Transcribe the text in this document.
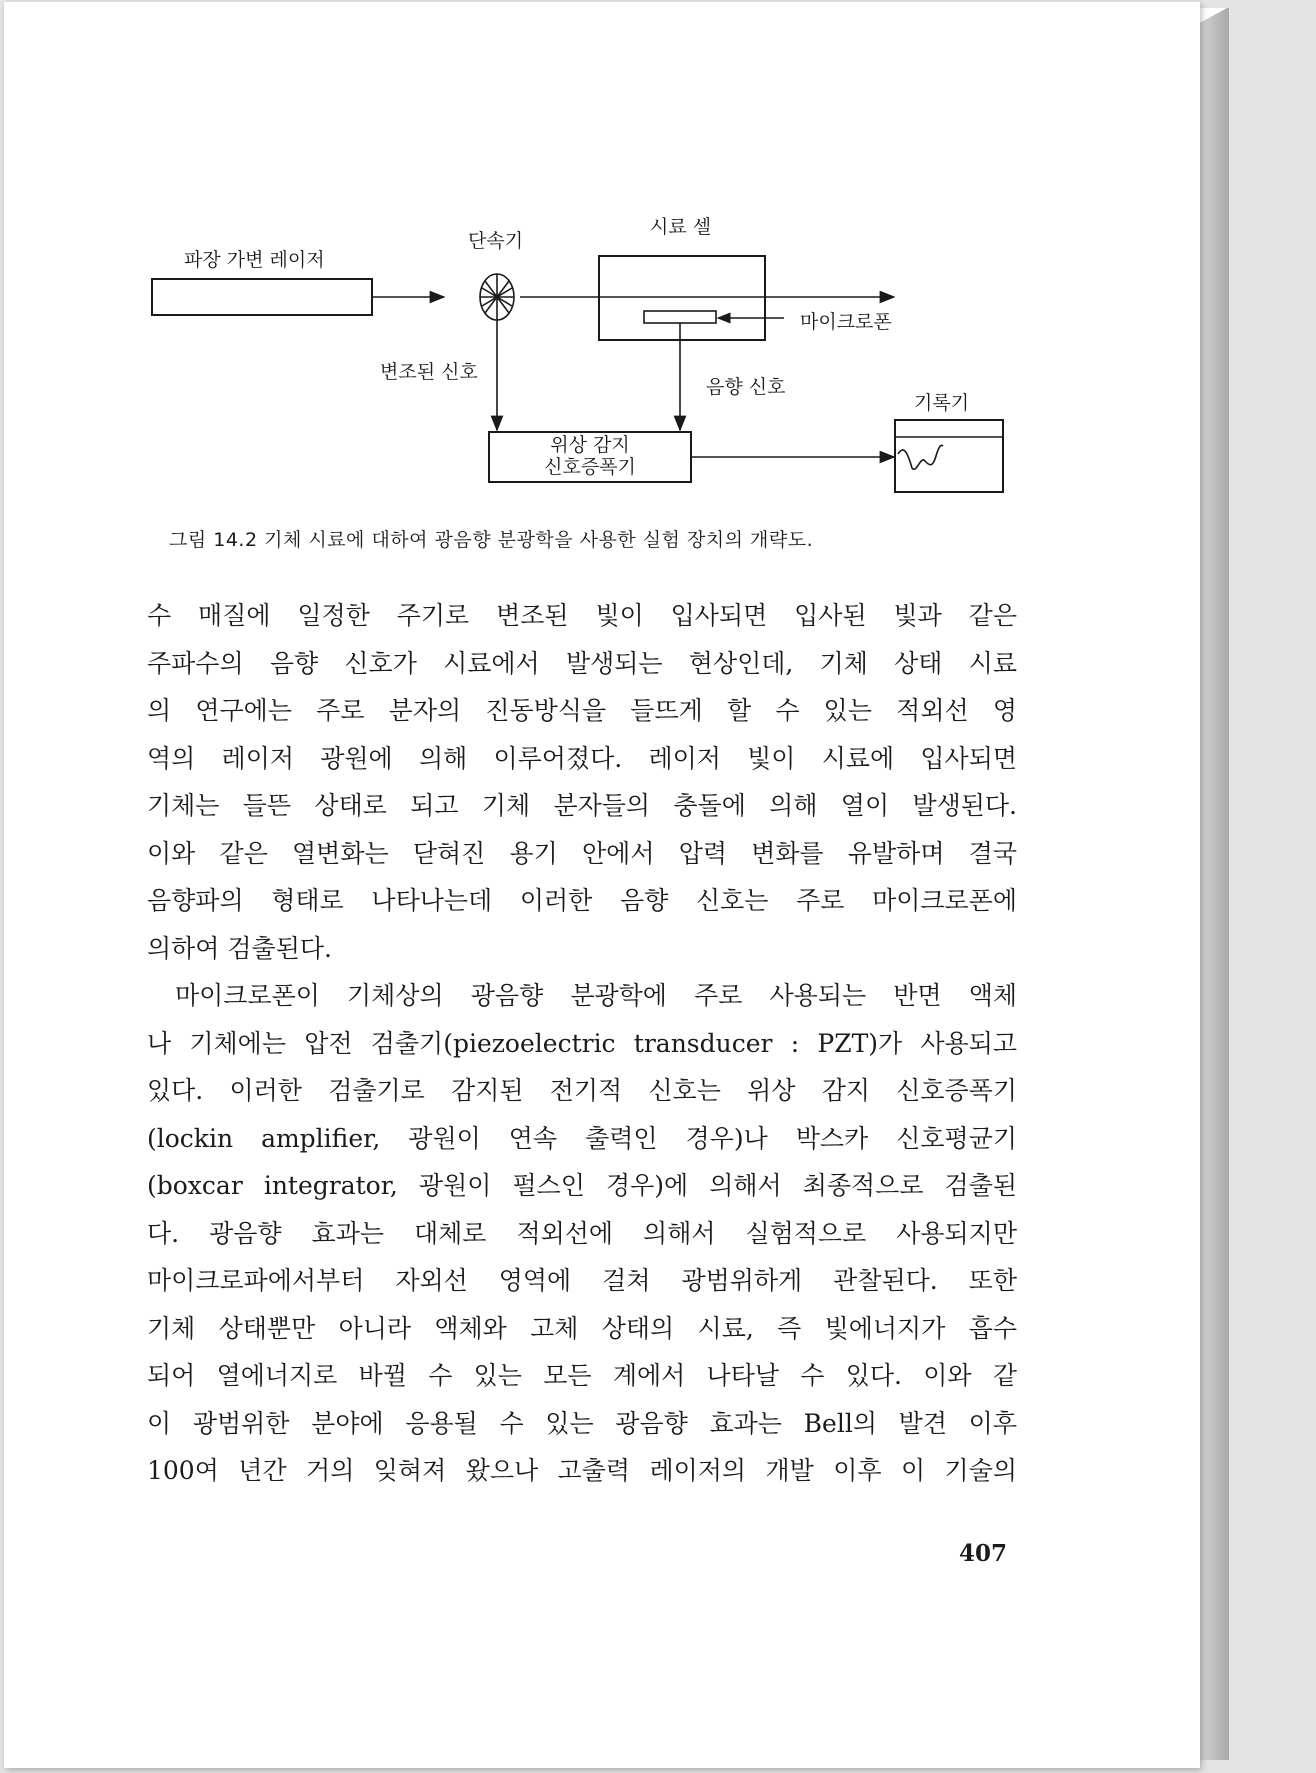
파장 가변 레이저
단속기
시료 셀
마이크로폰
변조된 신호
음향 신호
기록기
위상 감지
신호증폭기
그림 14.2 기체 시료에 대하여 광음향 분광학을 사용한 실험 장치의 개략도.

수 매질에 일정한 주기로 변조된 빛이 입사되면 입사된 빛과 같은
주파수의 음향 신호가 시료에서 발생되는 현상인데, 기체 상태 시료
의 연구에는 주로 분자의 진동방식을 들뜨게 할 수 있는 적외선 영
역의 레이저 광원에 의해 이루어졌다. 레이저 빛이 시료에 입사되면
기체는 들뜬 상태로 되고 기체 분자들의 충돌에 의해 열이 발생된다.
이와 같은 열변화는 닫혀진 용기 안에서 압력 변화를 유발하며 결국
음향파의 형태로 나타나는데 이러한 음향 신호는 주로 마이크로폰에
의하여 검출된다.

마이크로폰이 기체상의 광음향 분광학에 주로 사용되는 반면 액체
나 기체에는 압전 검출기(piezoelectric transducer : PZT)가 사용되고
있다. 이러한 검출기로 감지된 전기적 신호는 위상 감지 신호증폭기
(lockin amplifier, 광원이 연속 출력인 경우)나 박스카 신호평균기
(boxcar integrator, 광원이 펄스인 경우)에 의해서 최종적으로 검출된
다. 광음향 효과는 대체로 적외선에 의해서 실험적으로 사용되지만
마이크로파에서부터 자외선 영역에 걸쳐 광범위하게 관찰된다. 또한
기체 상태뿐만 아니라 액체와 고체 상태의 시료, 즉 빛에너지가 흡수
되어 열에너지로 바뀔 수 있는 모든 계에서 나타날 수 있다. 이와 같
이 광범위한 분야에 응용될 수 있는 광음향 효과는 Bell의 발견 이후
100여 년간 거의 잊혀져 왔으나 고출력 레이저의 개발 이후 이 기술의

407
